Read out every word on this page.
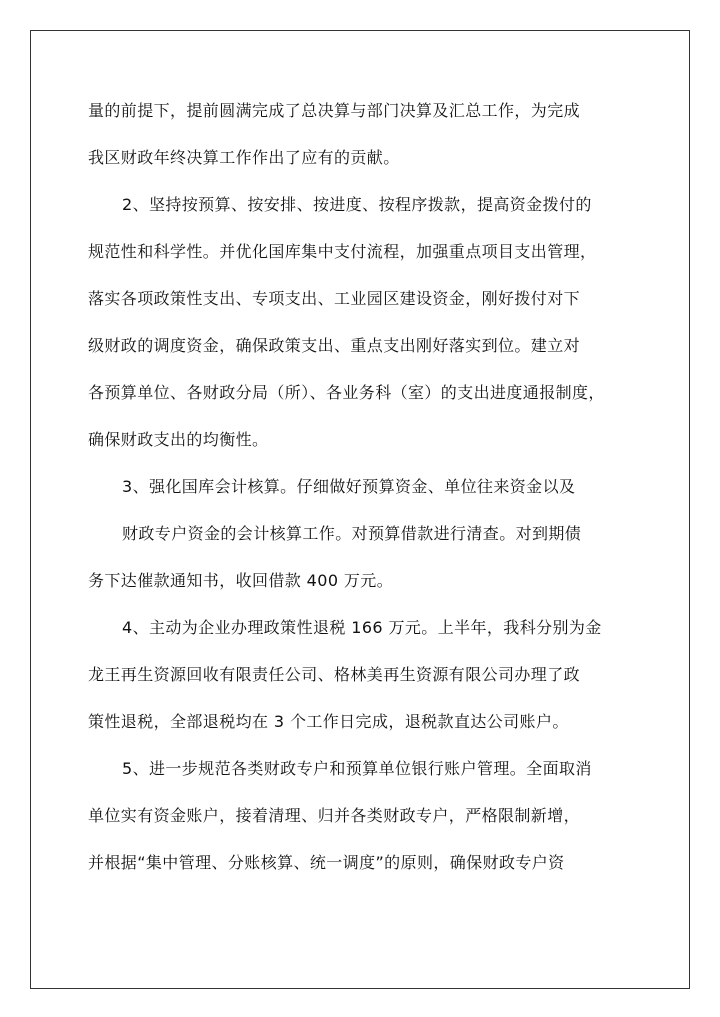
量的前提下，提前圆满完成了总决算与部门决算及汇总工作，为完成
我区财政年终决算工作作出了应有的贡献。
2、坚持按预算、按安排、按进度、按程序拨款，提高资金拨付的
规范性和科学性。并优化国库集中支付流程，加强重点项目支出管理，
落实各项政策性支出、专项支出、工业园区建设资金，刚好拨付对下
级财政的调度资金，确保政策支出、重点支出刚好落实到位。建立对
各预算单位、各财政分局（所）、各业务科（室）的支出进度通报制度，
确保财政支出的均衡性。
3、强化国库会计核算。仔细做好预算资金、单位往来资金以及
财政专户资金的会计核算工作。对预算借款进行清查。对到期债
务下达催款通知书，收回借款 400 万元。
4、主动为企业办理政策性退税 166 万元。上半年，我科分别为金
龙王再生资源回收有限责任公司、格林美再生资源有限公司办理了政
策性退税，全部退税均在 3 个工作日完成，退税款直达公司账户。
5、进一步规范各类财政专户和预算单位银行账户管理。全面取消
单位实有资金账户，接着清理、归并各类财政专户，严格限制新增，
并根据“集中管理、分账核算、统一调度”的原则，确保财政专户资
